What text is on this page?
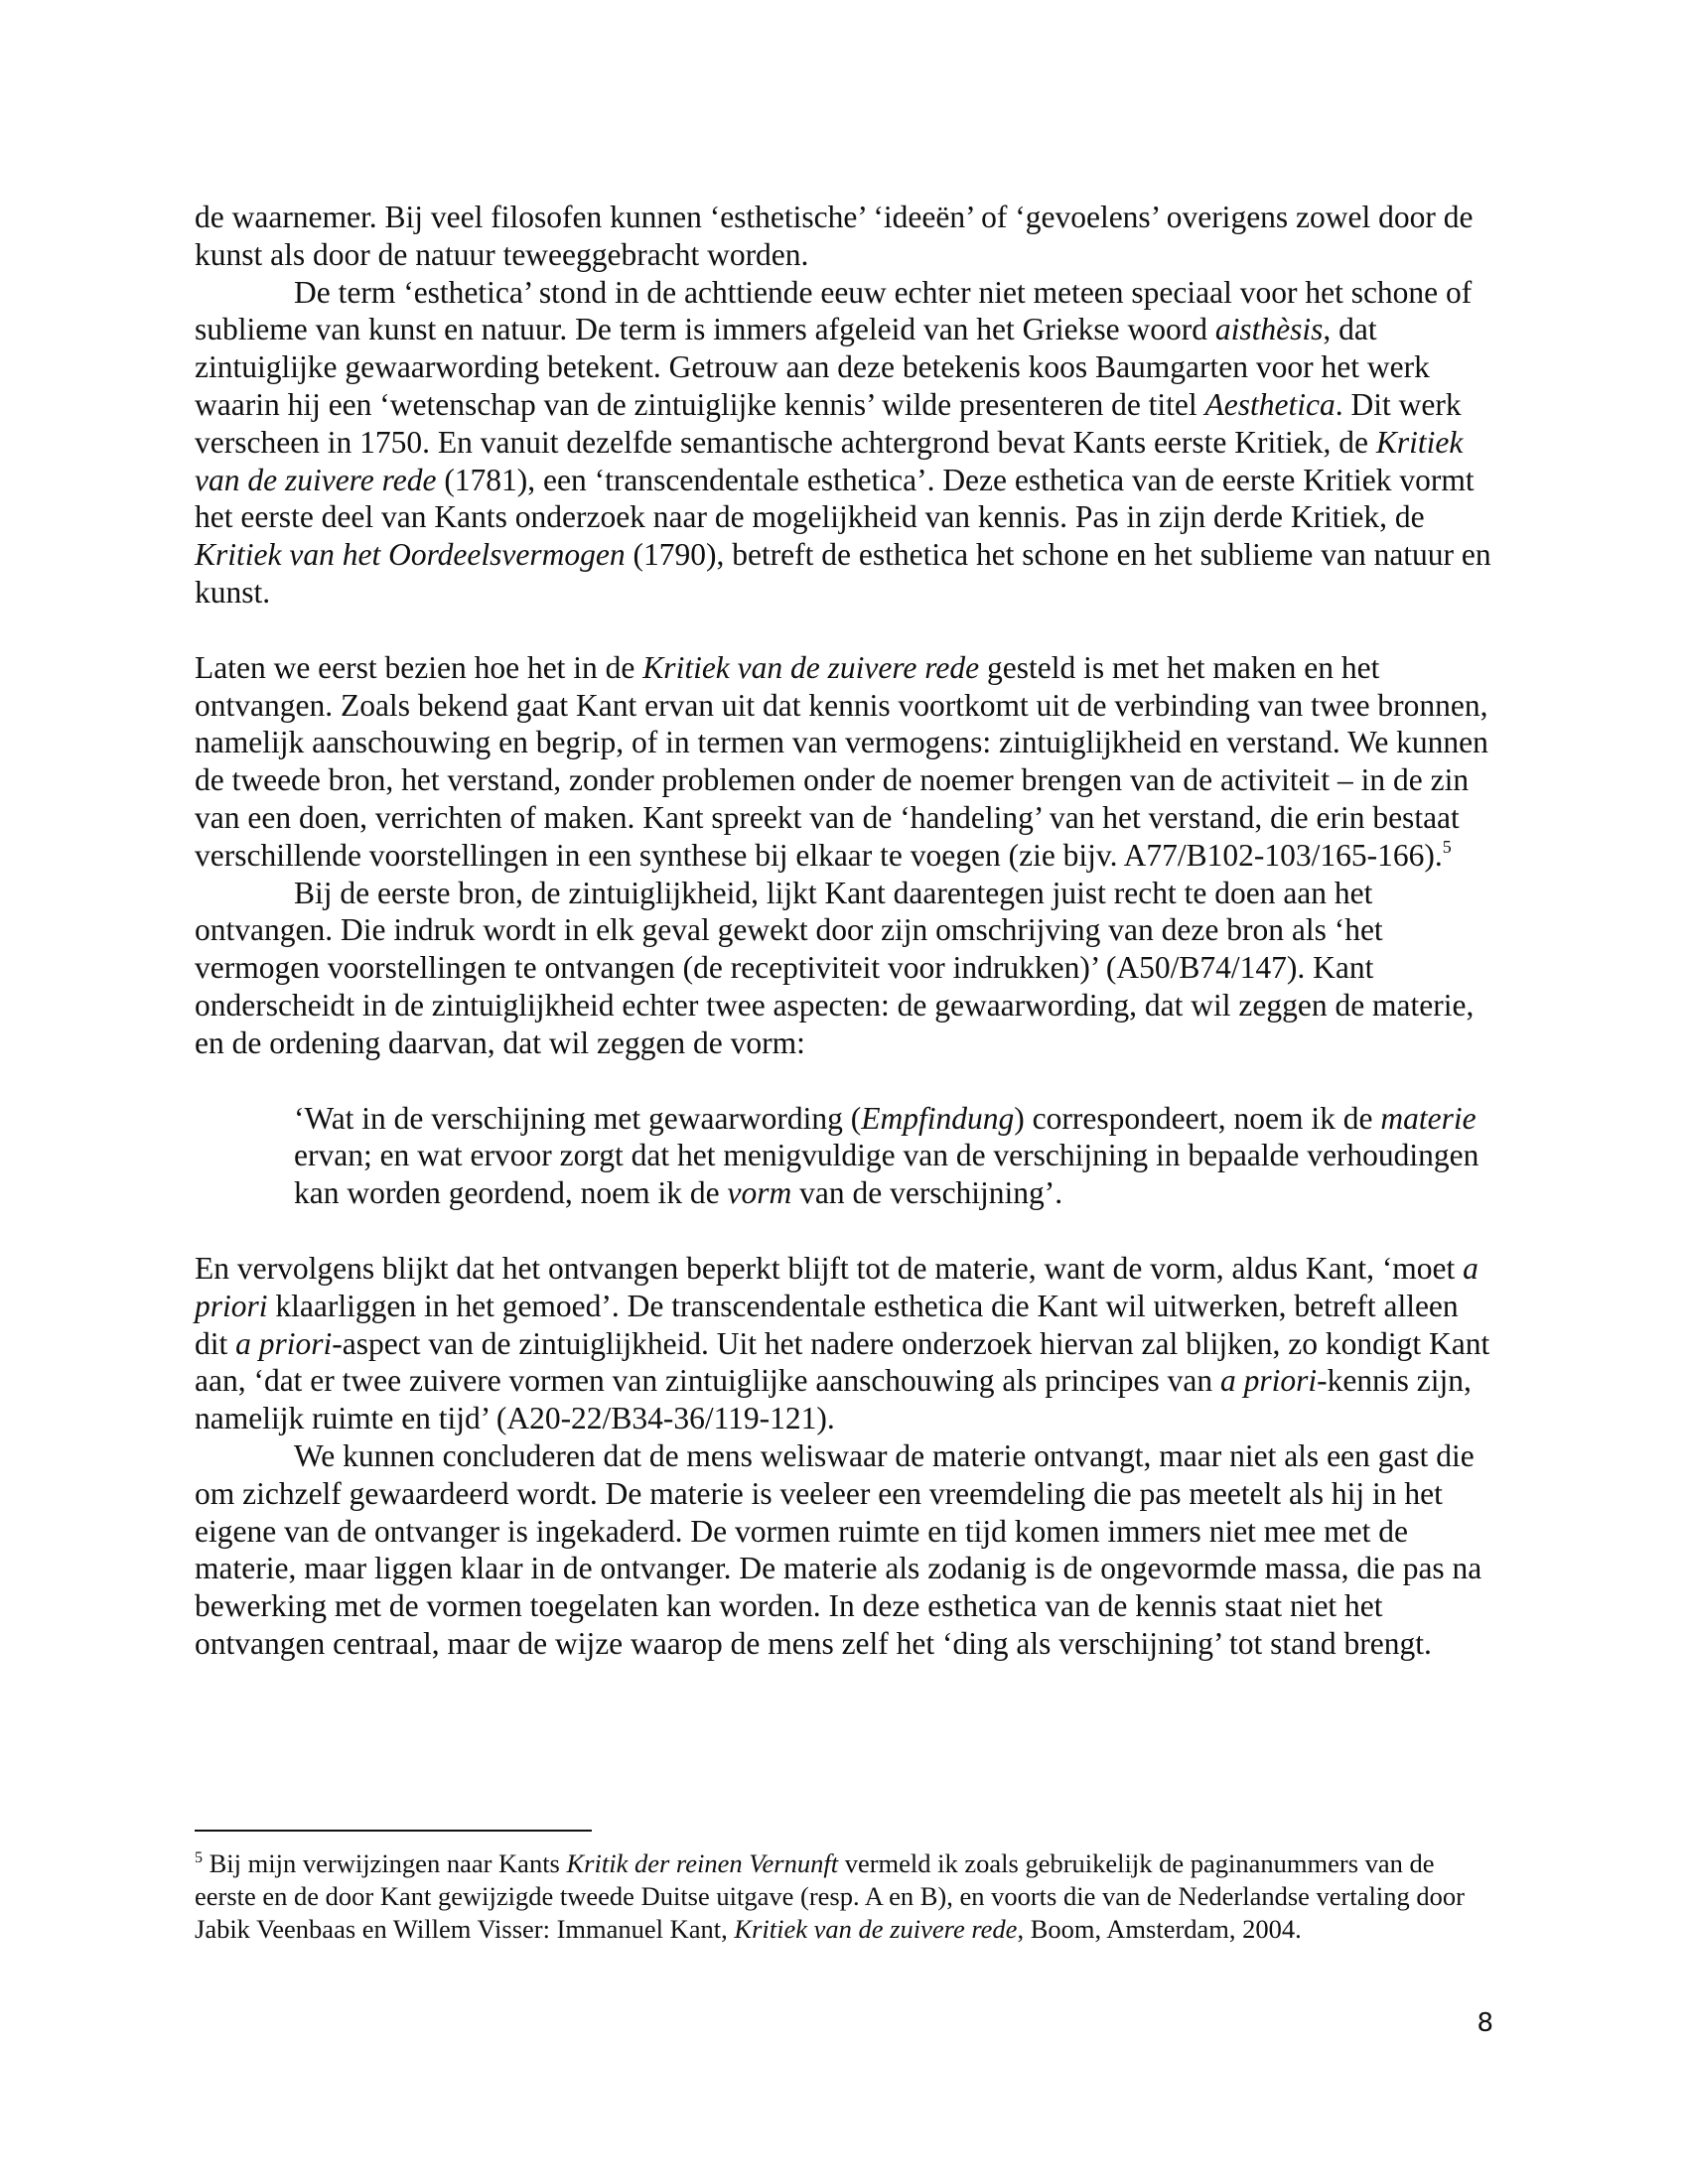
de waarnemer. Bij veel filosofen kunnen ‘esthetische’ ‘ideeën’ of ‘gevoelens’ overigens zowel door de kunst als door de natuur teweeggebracht worden.

De term ‘esthetica’ stond in de achttiende eeuw echter niet meteen speciaal voor het schone of sublieme van kunst en natuur. De term is immers afgeleid van het Griekse woord aisthèsis, dat zintuiglijke gewaarwording betekent. Getrouw aan deze betekenis koos Baumgarten voor het werk waarin hij een ‘wetenschap van de zintuiglijke kennis’ wilde presenteren de titel Aesthetica. Dit werk verscheen in 1750. En vanuit dezelfde semantische achtergrond bevat Kants eerste Kritiek, de Kritiek van de zuivere rede (1781), een ‘transcendentale esthetica’. Deze esthetica van de eerste Kritiek vormt het eerste deel van Kants onderzoek naar de mogelijkheid van kennis. Pas in zijn derde Kritiek, de Kritiek van het Oordeelsvermogen (1790), betreft de esthetica het schone en het sublieme van natuur en kunst.

Laten we eerst bezien hoe het in de Kritiek van de zuivere rede gesteld is met het maken en het ontvangen. Zoals bekend gaat Kant ervan uit dat kennis voortkomt uit de verbinding van twee bronnen, namelijk aanschouwing en begrip, of in termen van vermogens: zintuiglijkheid en verstand. We kunnen de tweede bron, het verstand, zonder problemen onder de noemer brengen van de activiteit – in de zin van een doen, verrichten of maken. Kant spreekt van de ‘handeling’ van het verstand, die erin bestaat verschillende voorstellingen in een synthese bij elkaar te voegen (zie bijv. A77/B102-103/165-166).$^5$

Bij de eerste bron, de zintuiglijkheid, lijkt Kant daarentegen juist recht te doen aan het ontvangen. Die indruk wordt in elk geval gewekt door zijn omschrijving van deze bron als ‘het vermogen voorstellingen te ontvangen (de receptiviteit voor indrukken)’ (A50/B74/147). Kant onderscheidt in de zintuiglijkheid echter twee aspecten: de gewaarwording, dat wil zeggen de materie, en de ordening daarvan, dat wil zeggen de vorm:

‘Wat in de verschijning met gewaarwording (Empfindung) correspondeert, noem ik de materie ervan; en wat ervoor zorgt dat het menigvuldige van de verschijning in bepaalde verhoudingen kan worden geordend, noem ik de vorm van de verschijning’.

En vervolgens blijkt dat het ontvangen beperkt blijft tot de materie, want de vorm, aldus Kant, ‘moet a priori klaarliggen in het gemoed’. De transcendentale esthetica die Kant wil uitwerken, betreft alleen dit a priori-aspect van de zintuiglijkheid. Uit het nadere onderzoek hiervan zal blijken, zo kondigt Kant aan, ‘dat er twee zuivere vormen van zintuiglijke aanschouwing als principes van a priori-kennis zijn, namelijk ruimte en tijd’ (A20-22/B34-36/119-121).

We kunnen concluderen dat de mens weliswaar de materie ontvangt, maar niet als een gast die om zichzelf gewaardeerd wordt. De materie is veeleer een vreemdeling die pas meetelt als hij in het eigene van de ontvanger is ingekaderd. De vormen ruimte en tijd komen immers niet mee met de materie, maar liggen klaar in de ontvanger. De materie als zodanig is de ongevormde massa, die pas na bewerking met de vormen toegelaten kan worden. In deze esthetica van de kennis staat niet het ontvangen centraal, maar de wijze waarop de mens zelf het ‘ding als verschijning’ tot stand brengt.

$^5$ Bij mijn verwijzingen naar Kants Kritik der reinen Vernunft vermeld ik zoals gebruikelijk de paginanummers van de eerste en de door Kant gewijzigde tweede Duitse uitgave (resp. A en B), en voorts die van de Nederlandse vertaling door Jabik Veenbaas en Willem Visser: Immanuel Kant, Kritiek van de zuivere rede, Boom, Amsterdam, 2004.

8
